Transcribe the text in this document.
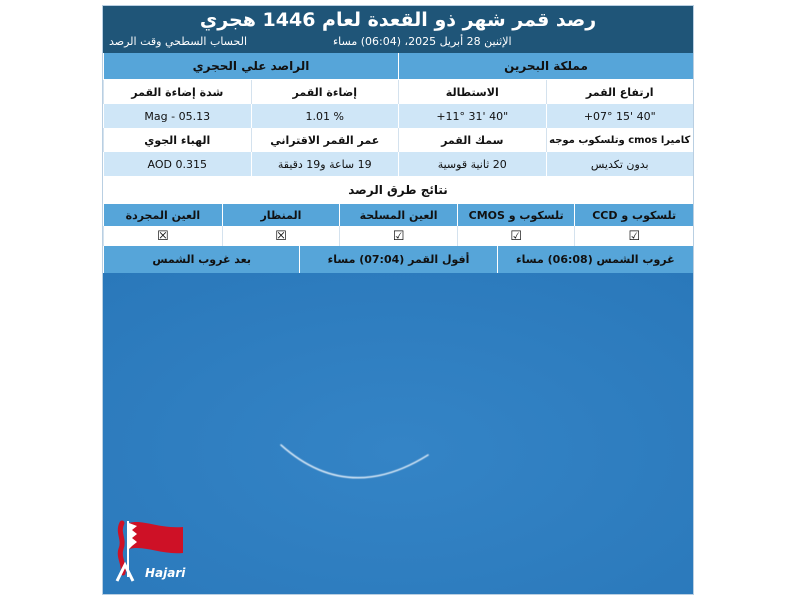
رصد قمر شهر ذو القعدة لعام 1446 هجري
الإثنين 28 أبريل 2025، (06:04) مساء
الحساب السطحي وقت الرصد
مملكة البحرين
الراصد علي الحجري
ارتفاع القمر
الاستطالة
إضاءة القمر
شدة إضاءة القمر
+07° 15' 40"
+11° 31' 40"
% 1.01
Mag - 05.13
كاميرا cmos وتلسكوب موجه
سمك القمر
عمر القمر الاقتراني
الهباء الجوي
بدون تكديس
20 ثانية قوسية
19 ساعة و19 دقيقة
AOD 0.315
نتائج طرق الرصد
تلسكوب و CCD
تلسكوب و CMOS
العين المسلحة
المنظار
العين المجردة
☑
☑
☑
☒
☒
غروب الشمس (06:08) مساء
أفول القمر (07:04) مساء
بعد غروب الشمس
Hajari
